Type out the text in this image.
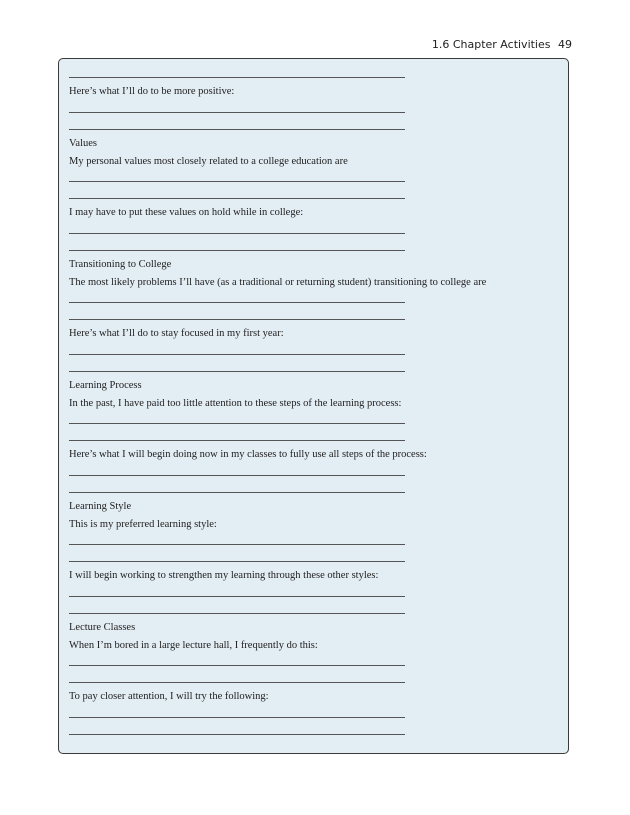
1.6 Chapter Activities 49
Here’s what I’ll do to be more positive:
Values
My personal values most closely related to a college education are
I may have to put these values on hold while in college:
Transitioning to College
The most likely problems I’ll have (as a traditional or returning student) transitioning to college are
Here’s what I’ll do to stay focused in my first year:
Learning Process
In the past, I have paid too little attention to these steps of the learning process:
Here’s what I will begin doing now in my classes to fully use all steps of the process:
Learning Style
This is my preferred learning style:
I will begin working to strengthen my learning through these other styles:
Lecture Classes
When I’m bored in a large lecture hall, I frequently do this:
To pay closer attention, I will try the following:
